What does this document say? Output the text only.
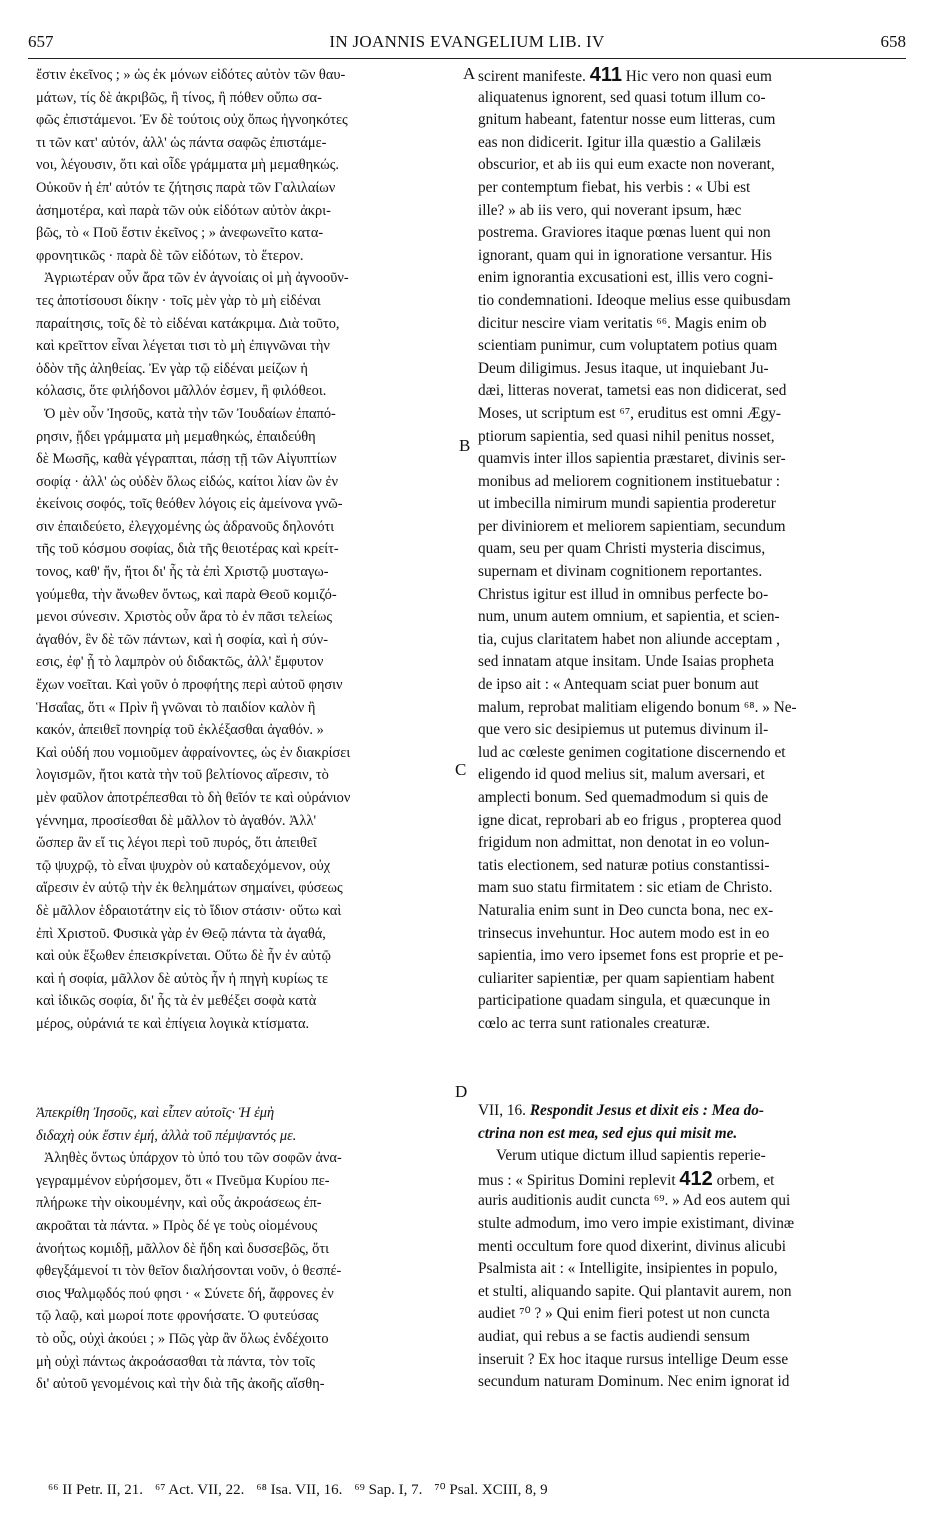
657	IN JOANNIS EVANGELIUM LIB. IV	658
ἔστιν ἐκεῖνος ; » ὡς ἐκ μόνων εἰδότες αὐτὸν τῶν θαυ-
μάτων, τίς δὲ ἀκριβῶς, ἢ τίνος, ἢ πόθεν οὔπω σα-
φῶς ἐπιστάμενοι. Ἐν δὲ τούτοις οὐχ ὅπως ἠγνοηκότες
τι τῶν κατ' αὐτόν, ἀλλ' ὡς πάντα σαφῶς ἐπιστάμε-
νοι, λέγουσιν, ὅτι καὶ οἶδε γράμματα μὴ μεμαθηκώς.
Οὐκοῦν ἡ ἐπ' αὐτόν τε ζήτησις παρὰ τῶν Γαλιλαίων
ἀσημοτέρα, καὶ παρὰ τῶν οὐκ εἰδότων αὐτὸν ἀκρι-
βῶς, τὸ « Ποῦ ἔστιν ἐκεῖνος ; » ἀνεφωνεῖτο κατα-
φρονητικῶς · παρὰ δὲ τῶν εἰδότων, τὸ ἕτερον.
Ἀγριωτέραν οὖν ἄρα τῶν ἐν ἀγνοίαις οἱ μὴ ἀγνοοῦν-
τες ἀποτίσουσι δίκην · τοῖς μὲν γὰρ τὸ μὴ εἰδέναι
παραίτησις, τοῖς δὲ τὸ εἰδέναι κατάκριμα. Διὰ τοῦτο,
καὶ κρεῖττον εἶναι λέγεται τισι τὸ μὴ ἐπιγνῶναι τὴν
ὁδὸν τῆς ἀληθείας. Ἐν γὰρ τῷ εἰδέναι μείζων ἡ
κόλασις, ὅτε φιλήδονοι μᾶλλόν ἐσμεν, ἢ φιλόθεοι.
Ὁ μὲν οὖν Ἰησοῦς, κατὰ τὴν τῶν Ἰουδαίων ἐπαπό-
ρησιν, ᾔδει γράμματα μὴ μεμαθηκώς, ἐπαιδεύθη
δὲ Μωσῆς, καθὰ γέγραπται, πάσῃ τῇ τῶν Αἰγυπτίων
σοφίᾳ · ἀλλ' ὡς οὐδὲν ὅλως εἰδώς, καίτοι λίαν ὢν ἐν
ἐκείνοις σοφός, τοῖς θεόθεν λόγοις εἰς ἀμείνονα γνῶ-
σιν ἐπαιδεύετο, ἐλεγχομένης ὡς ἀδρανοῦς δηλονότι
τῆς τοῦ κόσμου σοφίας, διὰ τῆς θειοτέρας καὶ κρείτ-
τονος, καθ' ἥν, ἤτοι δι' ἧς τὰ ἐπὶ Χριστῷ μυσταγω-
γούμεθα, τὴν ἄνωθεν ὄντως, καὶ παρὰ Θεοῦ κομιζό-
μενοι σύνεσιν. Χριστὸς οὖν ἄρα τὸ ἐν πᾶσι τελείως
ἀγαθόν, ἓν δὲ τῶν πάντων, καὶ ἡ σοφία, καὶ ἡ σύν-
εσις, ἐφ' ᾗ τὸ λαμπρὸν οὐ διδακτῶς, ἀλλ' ἔμφυτον
ἔχων νοεῖται. Καὶ γοῦν ὁ προφήτης περὶ αὐτοῦ φησιν
Ἡσαΐας, ὅτι « Πρὶν ἢ γνῶναι τὸ παιδίον καλὸν ἢ
κακόν, ἀπειθεῖ πονηρίᾳ τοῦ ἐκλέξασθαι ἀγαθόν. »
Καὶ οὐδή που νομιοῦμεν ἀφραίνοντες, ὡς ἐν διακρίσει
λογισμῶν, ἤτοι κατὰ τὴν τοῦ βελτίονος αἵρεσιν, τὸ
μὲν φαῦλον ἀποτρέπεσθαι τὸ δὴ θεῖόν τε καὶ οὐράνιον
γέννημα, προσίεσθαι δὲ μᾶλλον τὸ ἀγαθόν. Ἀλλ'
ὥσπερ ἂν εἴ τις λέγοι περὶ τοῦ πυρός, ὅτι ἀπειθεῖ
τῷ ψυχρῷ, τὸ εἶναι ψυχρὸν οὐ καταδεχόμενον, οὐχ
αἵρεσιν ἐν αὐτῷ τὴν ἐκ θελημάτων σημαίνει, φύσεως
δὲ μᾶλλον ἑδραιοτάτην εἰς τὸ ἴδιον στάσιν· οὕτω καὶ
ἐπὶ Χριστοῦ. Φυσικὰ γὰρ ἐν Θεῷ πάντα τὰ ἀγαθά,
καὶ οὐκ ἔξωθεν ἐπεισκρίνεται. Οὕτω δὲ ἦν ἐν αὐτῷ
καὶ ἡ σοφία, μᾶλλον δὲ αὐτὸς ἦν ἡ πηγὴ κυρίως τε
καὶ ἰδικῶς σοφία, δι' ἧς τὰ ἐν μεθέξει σοφὰ κατὰ
μέρος, οὐράνιά τε καὶ ἐπίγεια λογικὰ κτίσματα.
Ἀπεκρίθη Ἰησοῦς, καὶ εἶπεν αὐτοῖς· Ἡ ἐμὴ
διδαχὴ οὐκ ἔστιν ἐμή, ἀλλὰ τοῦ πέμψαντός με.
Ἀληθὲς ὄντως ὑπάρχον τὸ ὑπό του τῶν σοφῶν ἀνα-
γεγραμμένον εὑρήσομεν, ὅτι « Πνεῦμα Κυρίου πε-
πλήρωκε τὴν οἰκουμένην, καὶ οὖς ἀκροάσεως ἐπ-
ακροᾶται τὰ πάντα. » Πρὸς δέ γε τοὺς οἰομένους
ἀνοήτως κομιδῇ, μᾶλλον δὲ ἤδη καὶ δυσσεβῶς, ὅτι
φθεγξάμενοί τι τὸν θεῖον διαλήσονται νοῦν, ὁ θεσπέ-
σιος Ψαλμῳδός πού φησι · « Σύνετε δή, ἄφρονες ἐν
τῷ λαῷ, καὶ μωροί ποτε φρονήσατε. Ὁ φυτεύσας
τὸ οὖς, οὐχὶ ἀκούει ; » Πῶς γὰρ ἂν ὅλως ἐνδέχοιτο
μὴ οὐχὶ πάντως ἀκροάσασθαι τὰ πάντα, τὸν τοῖς
δι' αὐτοῦ γενομένοις καὶ τὴν διὰ τῆς ἀκοῆς αἴσθη-
scirent manifeste. 411 Hic vero non quasi eum
aliquatenus ignorent, sed quasi totum illum co-
gnitum habeant, fatentur nosse eum litteras, cum
eas non didicerit. Igitur illa quæstio a Galilæis
obscurior, et ab iis qui eum exacte non noverant,
per contemptum fiebat, his verbis : « Ubi est
ille? » ab iis vero, qui noverant ipsum, hæc
postrema. Graviores itaque pœnas luent qui non
ignorant, quam qui in ignoratione versantur. His
enim ignorantia excusationi est, illis vero cogni-
tio condemnationi. Ideoque melius esse quibusdam
dicitur nescire viam veritatis ⁶⁶. Magis enim ob
scientiam punimur, cum voluptatem potius quam
Deum diligimus. Jesus itaque, ut inquiebant Ju-
dæi, litteras noverat, tametsi eas non didicerat, sed
Moses, ut scriptum est ⁶⁷, eruditus est omni Ægy-
ptiorum sapientia, sed quasi nihil penitus nosset,
quamvis inter illos sapientia præstaret, divinis ser-
monibus ad meliorem cognitionem instituebatur :
ut imbecilla nimirum mundi sapientia proderetur
per diviniorem et meliorem sapientiam, secundum
quam, seu per quam Christi mysteria discimus,
supernam et divinam cognitionem reportantes.
Christus igitur est illud in omnibus perfecte bo-
num, unum autem omnium, et sapientia, et scien-
tia, cujus claritatem habet non aliunde acceptam ,
sed innatam atque insitam. Unde Isaias propheta
de ipso ait : « Antequam sciat puer bonum aut
malum, reprobat malitiam eligendo bonum ⁶⁸. » Ne-
que vero sic desipiemus ut putemus divinum il-
lud ac cœleste genimen cogitatione discernendo et
eligendo id quod melius sit, malum aversari, et
amplecti bonum. Sed quemadmodum si quis de
igne dicat, reprobari ab eo frigus , propterea quod
frigidum non admittat, non denotat in eo volun-
tatis electionem, sed naturæ potius constantissi-
mam suo statu firmitatem : sic etiam de Christo.
Naturalia enim sunt in Deo cuncta bona, nec ex-
trinsecus invehuntur. Hoc autem modo est in eo
sapientia, imo vero ipsemet fons est proprie et pe-
culiariter sapientiæ, per quam sapientiam habent
participatione quadam singula, et quæcunque in
cœlo ac terra sunt rationales creaturæ.
VII, 16. Respondit Jesus et dixit eis : Mea do-
ctrina non est mea, sed ejus qui misit me.
Verum utique dictum illud sapientis reperie-
mus : « Spiritus Domini replevit 412 orbem, et
auris auditionis audit cuncta ⁶⁹. » Ad eos autem qui
stulte admodum, imo vero impie existimant, divinæ
menti occultum fore quod dixerint, divinus alicubi
Psalmista ait : « Intelligite, insipientes in populo,
et stulti, aliquando sapite. Qui plantavit aurem, non
audiet ⁷⁰ ? » Qui enim fieri potest ut non cuncta
audiat, qui rebus a se factis audiendi sensum
inseruit ? Ex hoc itaque rursus intellige Deum esse
secundum naturam Dominum. Nec enim ignorat id
A
B
C
D
⁶⁶ II Petr. II, 21. ⁶⁷ Act. VII, 22. ⁶⁸ Isa. VII, 16. ⁶⁹ Sap. I, 7. ⁷⁰ Psal. XCIII, 8, 9
